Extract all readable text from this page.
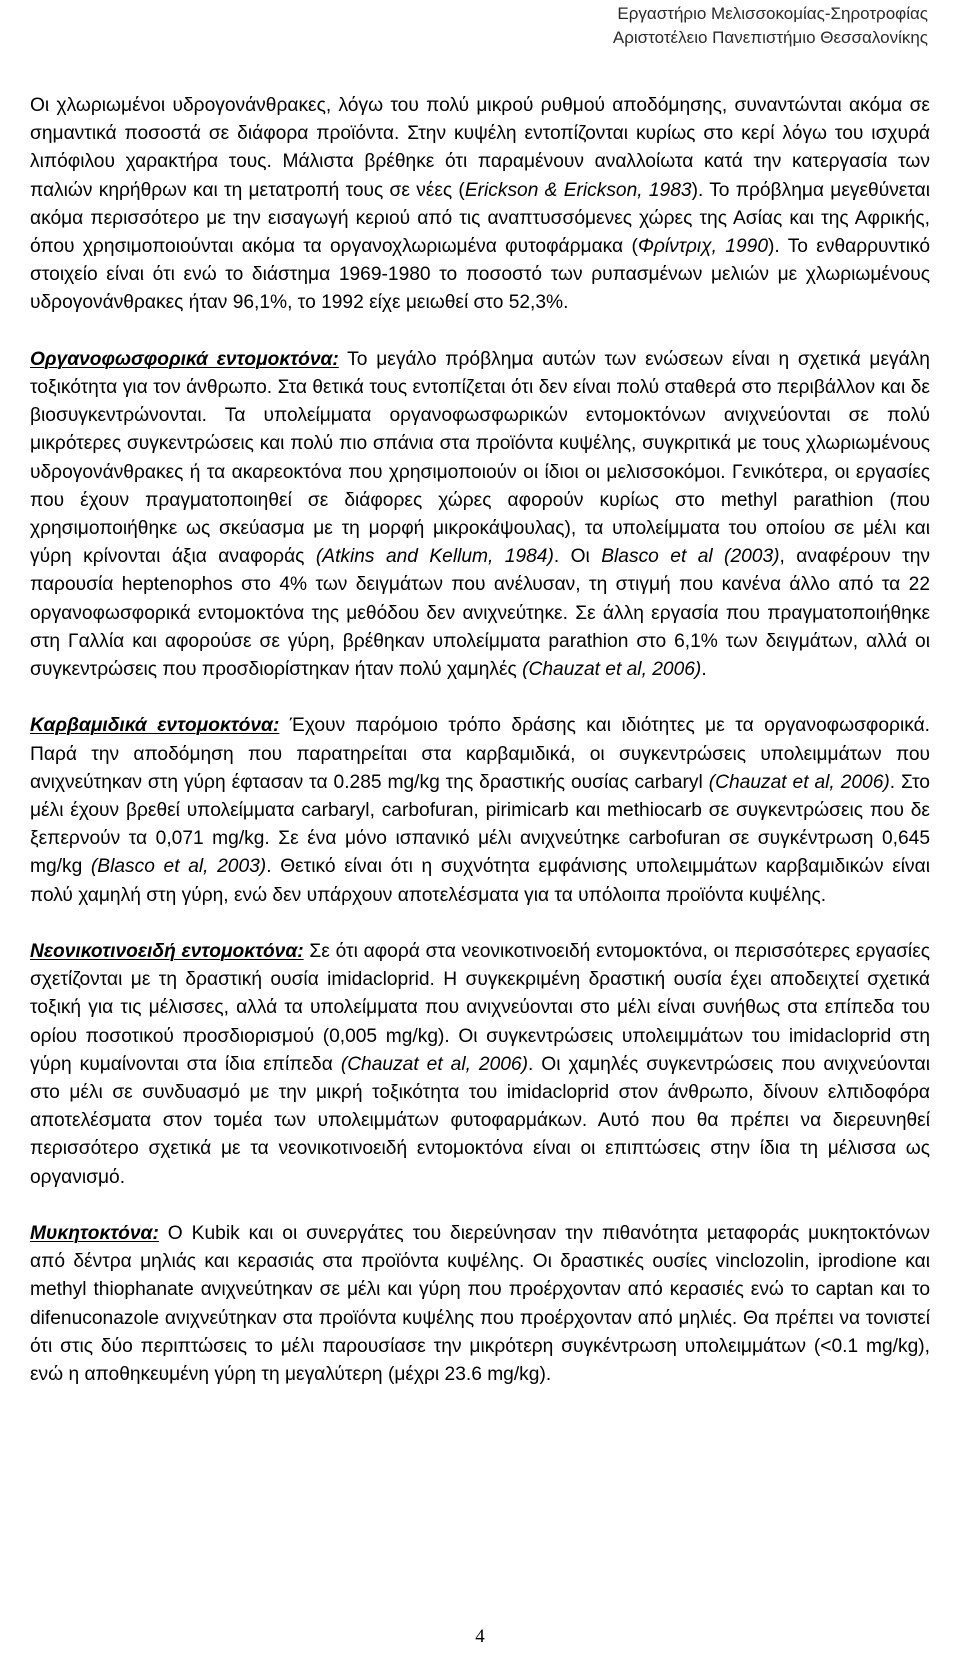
Εργαστήριο Μελισσοκομίας-Σηροτροφίας
Αριστοτέλειο Πανεπιστήμιο Θεσσαλονίκης

Οι χλωριωμένοι υδρογονάνθρακες, λόγω του πολύ μικρού ρυθμού αποδόμησης, συναντώνται ακόμα σε σημαντικά ποσοστά σε διάφορα προϊόντα. Στην κυψέλη εντοπίζονται κυρίως στο κερί λόγω του ισχυρά λιπόφιλου χαρακτήρα τους. Μάλιστα βρέθηκε ότι παραμένουν αναλλοίωτα κατά την κατεργασία των παλιών κηρήθρων και τη μετατροπή τους σε νέες (Erickson & Erickson, 1983). Το πρόβλημα μεγεθύνεται ακόμα περισσότερο με την εισαγωγή κεριού από τις αναπτυσσόμενες χώρες της Ασίας και της Αφρικής, όπου χρησιμοποιούνται ακόμα τα οργανοχλωριωμένα φυτοφάρμακα (Φρίντριχ, 1990). Το ενθαρρυντικό στοιχείο είναι ότι ενώ το διάστημα 1969-1980 το ποσοστό των ρυπασμένων μελιών με χλωριωμένους υδρογονάνθρακες ήταν 96,1%, το 1992 είχε μειωθεί στο 52,3%.

Οργανοφωσφορικά εντομοκτόνα: Το μεγάλο πρόβλημα αυτών των ενώσεων είναι η σχετικά μεγάλη τοξικότητα για τον άνθρωπο. Στα θετικά τους εντοπίζεται ότι δεν είναι πολύ σταθερά στο περιβάλλον και δε βιοσυγκεντρώνονται. Τα υπολείμματα οργανοφωσφωρικών εντομοκτόνων ανιχνεύονται σε πολύ μικρότερες συγκεντρώσεις και πολύ πιο σπάνια στα προϊόντα κυψέλης, συγκριτικά με τους χλωριωμένους υδρογονάνθρακες ή τα ακαρεοκτόνα που χρησιμοποιούν οι ίδιοι οι μελισσοκόμοι. Γενικότερα, οι εργασίες που έχουν πραγματοποιηθεί σε διάφορες χώρες αφορούν κυρίως στο methyl parathion (που χρησιμοποιήθηκε ως σκεύασμα με τη μορφή μικροκάψουλας), τα υπολείμματα του οποίου σε μέλι και γύρη κρίνονται άξια αναφοράς (Atkins and Kellum, 1984). Οι Blasco et al (2003), αναφέρουν την παρουσία heptenophos στο 4% των δειγμάτων που ανέλυσαν, τη στιγμή που κανένα άλλο από τα 22 οργανοφωσφορικά εντομοκτόνα της μεθόδου δεν ανιχνεύτηκε. Σε άλλη εργασία που πραγματοποιήθηκε στη Γαλλία και αφορούσε σε γύρη, βρέθηκαν υπολείμματα parathion στο 6,1% των δειγμάτων, αλλά οι συγκεντρώσεις που προσδιορίστηκαν ήταν πολύ χαμηλές (Chauzat et al, 2006).

Καρβαμιδικά εντομοκτόνα: Έχουν παρόμοιο τρόπο δράσης και ιδιότητες με τα οργανοφωσφορικά. Παρά την αποδόμηση που παρατηρείται στα καρβαμιδικά, οι συγκεντρώσεις υπολειμμάτων που ανιχνεύτηκαν στη γύρη έφτασαν τα 0.285 mg/kg της δραστικής ουσίας carbaryl (Chauzat et al, 2006). Στο μέλι έχουν βρεθεί υπολείμματα carbaryl, carbofuran, pirimicarb και methiocarb σε συγκεντρώσεις που δε ξεπερνούν τα 0,071 mg/kg. Σε ένα μόνο ισπανικό μέλι ανιχνεύτηκε carbofuran σε συγκέντρωση 0,645 mg/kg (Blasco et al, 2003). Θετικό είναι ότι η συχνότητα εμφάνισης υπολειμμάτων καρβαμιδικών είναι πολύ χαμηλή στη γύρη, ενώ δεν υπάρχουν αποτελέσματα για τα υπόλοιπα προϊόντα κυψέλης.

Νεονικοτινοειδή εντομοκτόνα: Σε ότι αφορά στα νεονικοτινοειδή εντομοκτόνα, οι περισσότερες εργασίες σχετίζονται με τη δραστική ουσία imidacloprid. Η συγκεκριμένη δραστική ουσία έχει αποδειχτεί σχετικά τοξική για τις μέλισσες, αλλά τα υπολείμματα που ανιχνεύονται στο μέλι είναι συνήθως στα επίπεδα του ορίου ποσοτικού προσδιορισμού (0,005 mg/kg). Οι συγκεντρώσεις υπολειμμάτων του imidacloprid στη γύρη κυμαίνονται στα ίδια επίπεδα (Chauzat et al, 2006). Οι χαμηλές συγκεντρώσεις που ανιχνεύονται στο μέλι σε συνδυασμό με την μικρή τοξικότητα του imidacloprid στον άνθρωπο, δίνουν ελπιδοφόρα αποτελέσματα στον τομέα των υπολειμμάτων φυτοφαρμάκων. Αυτό που θα πρέπει να διερευνηθεί περισσότερο σχετικά με τα νεονικοτινοειδή εντομοκτόνα είναι οι επιπτώσεις στην ίδια τη μέλισσα ως οργανισμό.

Μυκητοκτόνα: Ο Kubik και οι συνεργάτες του διερεύνησαν την πιθανότητα μεταφοράς μυκητοκτόνων από δέντρα μηλιάς και κερασιάς στα προϊόντα κυψέλης. Οι δραστικές ουσίες vinclozolin, iprodione και methyl thiophanate ανιχνεύτηκαν σε μέλι και γύρη που προέρχονταν από κερασιές ενώ το captan και το difenuconazole ανιχνεύτηκαν στα προϊόντα κυψέλης που προέρχονταν από μηλιές. Θα πρέπει να τονιστεί ότι στις δύο περιπτώσεις το μέλι παρουσίασε την μικρότερη συγκέντρωση υπολειμμάτων (<0.1 mg/kg), ενώ η αποθηκευμένη γύρη τη μεγαλύτερη (μέχρι 23.6 mg/kg).

4
